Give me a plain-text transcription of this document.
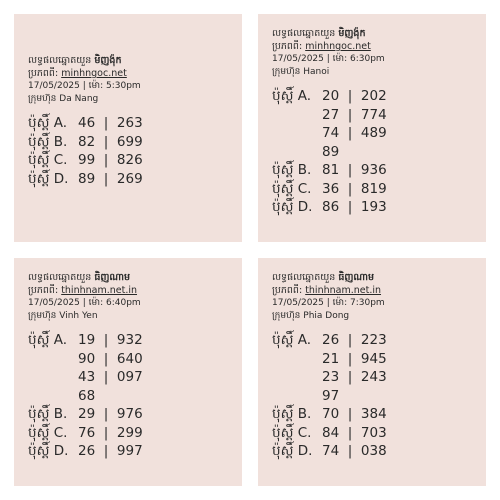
លទ្ធផលឆ្នោតយួន មិញង៉ុក
ប្រភពពី: minhngoc.net
17/05/2025 | ម៉ោ: 5:30pm
ក្រុមហ៊ុន Da Nang
ប៉ុស្តិ៍ A. 46  |  263
ប៉ុស្តិ៍ B. 82  |  699
ប៉ុស្តិ៍ C. 99  |  826
ប៉ុស្តិ៍ D. 89  |  269
លទ្ធផលឆ្នោតយួន មិញង៉ុក
ប្រភពពី: minhngoc.net
17/05/2025 | ម៉ោ: 6:30pm
ក្រុមហ៊ុន Hanoi
ប៉ុស្តិ៍ A. 20  |  202
27  |  774
74  |  489
89
ប៉ុស្តិ៍ B. 81  |  936
ប៉ុស្តិ៍ C. 36  |  819
ប៉ុស្តិ៍ D. 86  |  193
លទ្ធផលឆ្នោតយួន ធិញណាម
ប្រភពពី: thinhnam.net.in
17/05/2025 | ម៉ោ: 6:40pm
ក្រុមហ៊ុន Vinh Yen
ប៉ុស្តិ៍ A. 19  |  932
90  |  640
43  |  097
68
ប៉ុស្តិ៍ B. 29  |  976
ប៉ុស្តិ៍ C. 76  |  299
ប៉ុស្តិ៍ D. 26  |  997
លទ្ធផលឆ្នោតយួន ធិញណាម
ប្រភពពី: thinhnam.net.in
17/05/2025 | ម៉ោ: 7:30pm
ក្រុមហ៊ុន Phia Dong
ប៉ុស្តិ៍ A. 26  |  223
21  |  945
23  |  243
97
ប៉ុស្តិ៍ B. 70  |  384
ប៉ុស្តិ៍ C. 84  |  703
ប៉ុស្តិ៍ D. 74  |  038
